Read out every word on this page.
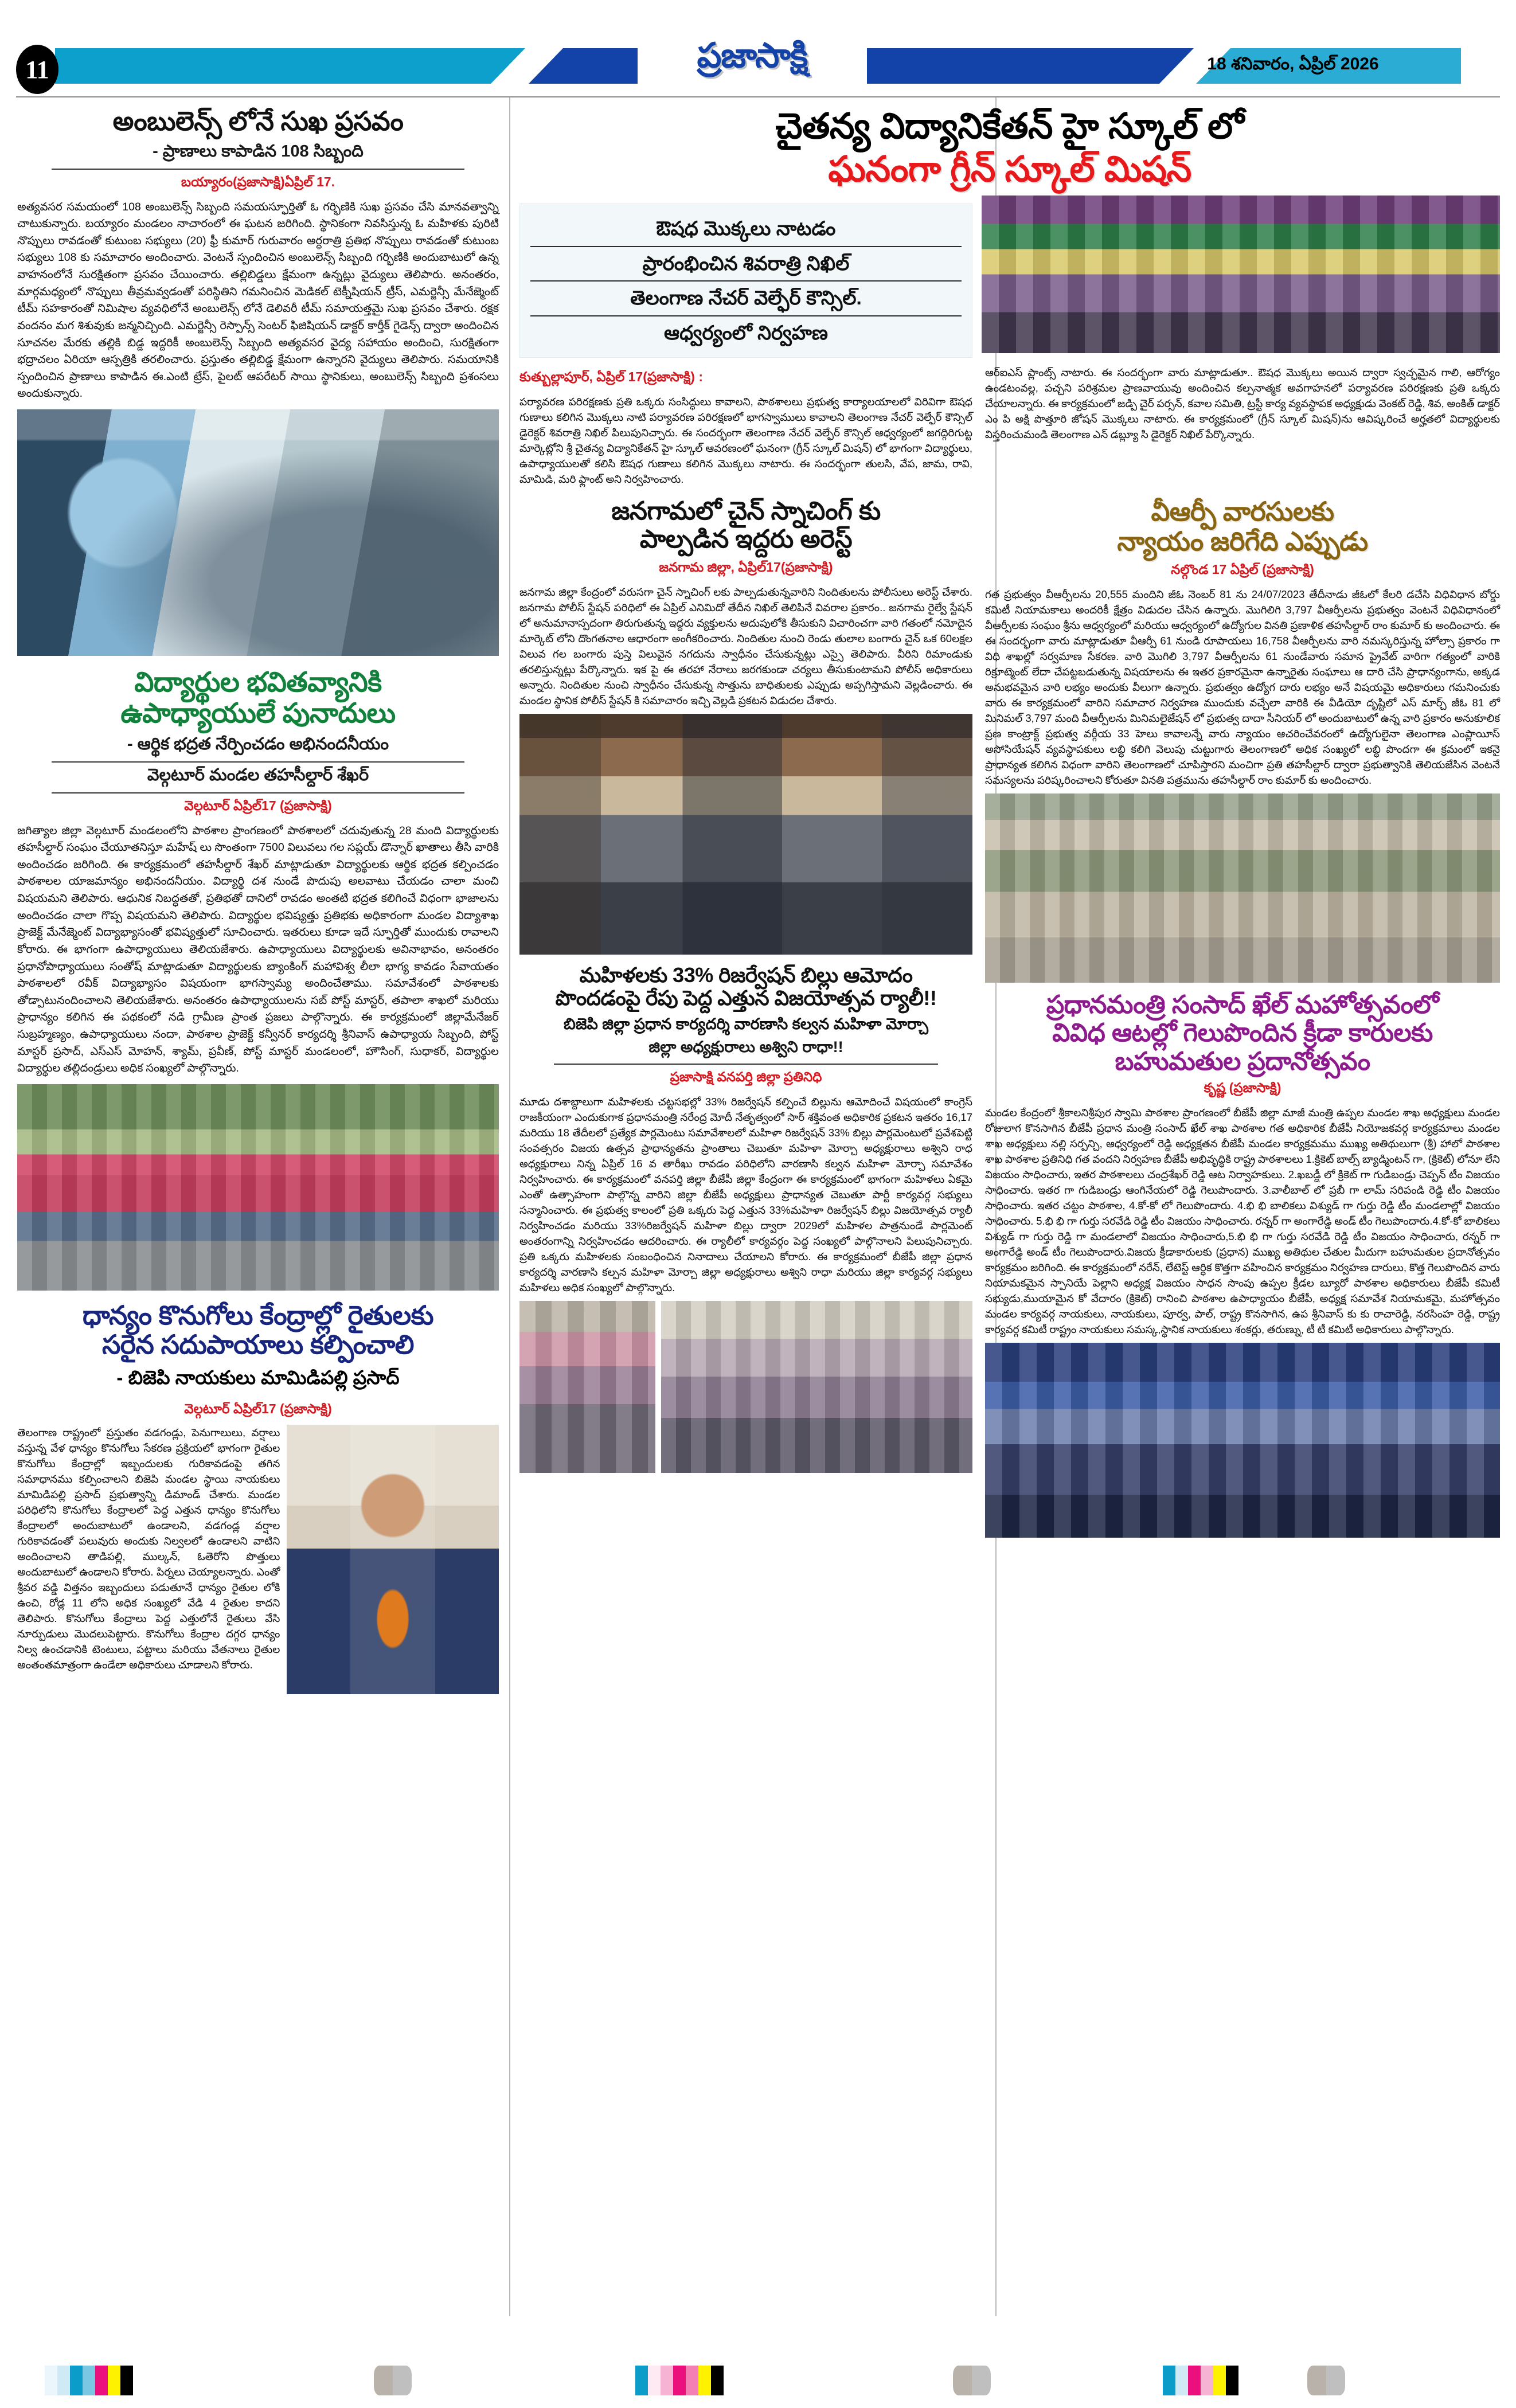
11	ప్రజాసాక్షి	18 శనివారం, ఏప్రిల్ 2026
అంబులెన్స్ లోనే సుఖ ప్రసవం
- ప్రాణాలు కాపాడిన 108 సిబ్బంది
బయ్యారం(ప్రజాసాక్షి)ఏప్రిల్ 17.
అత్యవసర సమయంలో 108 అంబులెన్స్ సిబ్బంది సమయస్ఫూర్తితో ఓ గర్భిణికి సుఖ ప్రసవం చేసి మానవత్వాన్ని చాటుకున్నారు. బయ్యారం మండలం నాచారంలో ఈ ఘటన జరిగింది. స్థానికంగా నివసిస్తున్న ఓ మహిళకు పురిటి నొప్పులు రావడంతో కుటుంబ సభ్యులు (20) ఫ్రీ కుమార్ గురువారం అర్ధరాత్రి ప్రతిభ నొప్పులు రావడంతో కుటుంబ సభ్యులు 108 కు సమాచారం అందించారు. వెంటనే స్పందించిన అంబులెన్స్ సిబ్బంది గర్భిణికి అందుబాటులో ఉన్న వాహనంలోనే సురక్షితంగా ప్రసవం చేయించారు. తల్లిబిడ్డలు క్షేమంగా ఉన్నట్లు వైద్యులు తెలిపారు. అనంతరం, మార్గమధ్యంలో నొప్పులు తీవ్రమవ్వడంతో పరిస్థితిని గమనించిన మెడికల్ టెక్నీషియన్ ట్రీస్, ఎమర్జెన్సీ మేనేజ్మెంట్ టీమ్ సహకారంతో నిమిషాల వ్యవధిలోనే అంబులెన్స్ లోనే డెలివరీ టీమ్ సమాయత్తమై సుఖ ప్రసవం చేశారు. రక్షక వందనం మగ శిశువుకు జన్మనిచ్చింది. ఎమర్జెన్సీ రెస్పాన్స్ సెంటర్ ఫిజిషియన్ డాక్టర్ కార్తీక్ గైడెన్స్ ద్వారా అందించిన సూచనల మేరకు తల్లికి బిడ్డ ఇద్దరికీ అంబులెన్స్ సిబ్బంది అత్యవసర వైద్య సహాయం అందించి, సురక్షితంగా భద్రాచలం ఏరియా ఆస్పత్రికి తరలించారు. ప్రస్తుతం తల్లిబిడ్డ క్షేమంగా ఉన్నారని వైద్యులు తెలిపారు. సమయానికి స్పందించిన ప్రాణాలు కాపాడిన ఈ.ఎంటి ట్రేస్, పైలట్ ఆపరేటర్ సాయి స్థానికులు, అంబులెన్స్ సిబ్బంది ప్రశంసలు అందుకున్నారు.
విద్యార్థుల భవితవ్యానికి
ఉపాధ్యాయులే పునాదులు
- ఆర్థిక భద్రత నేర్పించడం అభినందనీయం
వెల్గటూర్ మండల తహసీల్దార్ శేఖర్
వెల్గటూర్ ఏప్రిల్17 (ప్రజాసాక్షి)
జగిత్యాల జిల్లా వెల్గటూర్ మండలంలోని పాఠశాల ప్రాంగణంలో పాఠశాలలో చదువుతున్న 28 మంది విద్యార్థులకు తహసీల్దార్ సంఘం చేయూతనిస్తూ మహేష్ లు సొంతంగా 7500 విలువలు గల సప్లయ్ డొన్నార్ ఖాతాలు తీసి వారికి అందించడం జరిగింది. ఈ కార్యక్రమంలో తహసీల్దార్ శేఖర్ మాట్లాడుతూ విద్యార్థులకు ఆర్థిక భద్రత కల్పించడం పాఠశాలల యాజమాన్యం అభినందనీయం. విద్యార్థి దశ నుండే పొదుపు అలవాటు చేయడం చాలా మంచి విషయమని తెలిపారు. ఆధునిక నిబద్ధతతో, ప్రతిభతో దానిలో రావడం అంతటి భద్రత కలిగించే విధంగా భాజాలను అందించడం చాలా గొప్ప విషయమని తెలిపారు. విద్యార్థుల భవిష్యత్తు ప్రతిభకు అధికారంగా మండల విద్యాశాఖ ప్రాజెక్ట్ మేనేజ్మెంట్ విద్యాభ్యాసంతో భవిష్యత్తులో సూచించారు. ఇతరులు కూడా ఇదే స్ఫూర్తితో ముందుకు రావాలని కోరారు. ఈ భాగంగా ఉపాధ్యాయులు తెలియజేశారు. ఉపాధ్యాయులు విద్యార్థులకు అవినాభావం, అనంతరం ప్రధానోపాధ్యాయులు సంతోష్ మాట్లాడుతూ విద్యార్థులకు బ్యాంకింగ్ మహావిశ్వ లీలా భాగ్య కావడం సేవాయతం పాఠశాలలో రవీక్ విద్యాభ్యాసం విషయంగా భాగస్వామ్య అందించేతాము. సమావేశంలో పాఠశాలకు తోడ్పాటునందించాలని తెలియజేశారు. అనంతరం ఉపాధ్యాయులను సబ్ పోస్ట్ మాస్టర్, తపాలా శాఖలో మరియు ప్రాధాన్యం కలిగిన ఈ పథకంలో నడి గ్రామీణ ప్రాంత ప్రజలు పాల్గొన్నారు. ఈ కార్యక్రమంలో జిల్లామేనేజర్ సుబ్రహ్మణ్యం, ఉపాధ్యాయులు నందా, పాఠశాల ప్రాజెక్ట్ కన్వీనర్ కార్యదర్శి శ్రీనివాస్ ఉపాధ్యాయ సిబ్బంది, పోస్ట్ మాస్టర్ ప్రసాద్, ఎస్ఎస్ మోహన్, శ్యామ్, ప్రవీణ్, పోస్ట్ మాస్టర్ మండలంలో, హౌసింగ్, సుధాకర్, విద్యార్థుల విద్యార్థుల తల్లిదండ్రులు అధిక సంఖ్యలో పాల్గొన్నారు.
ధాన్యం కొనుగోలు కేంద్రాల్లో రైతులకు
సరైన సదుపాయాలు కల్పించాలి
- బిజెపి నాయకులు మామిడిపల్లి ప్రసాద్
వెల్గటూర్ ఏప్రిల్17 (ప్రజాసాక్షి)
తెలంగాణ రాష్ట్రంలో ప్రస్తుతం వడగండ్లు, పెనుగాలులు, వర్షాలు వస్తున్న వేళ ధాన్యం కొనుగోలు సేకరణ ప్రక్రియలో భాగంగా రైతుల కొనుగోలు కేంద్రాల్లో ఇబ్బందులకు గురికావడంపై తగిన సమాధానము కల్పించాలని బిజెపి మండల స్థాయి నాయకులు మామిడిపల్లి ప్రసాద్ ప్రభుత్వాన్ని డిమాండ్ చేశారు. మండల పరిధిలోని కొనుగోలు కేంద్రాలలో పెద్ద ఎత్తున ధాన్యం కొనుగోలు కేంద్రాలలో అందుబాటులో ఉండాలని, వడగండ్ల వర్షాల గురికావడంతో పలువురు అందుకు నిల్వలలో ఉండాలని వాటిని అందించాలని తాడిపల్లి, ముల్కన్, ఓతెరోని పొత్తులు అందుబాటులో ఉండాలని కోరారు. పిర్నలు చెయ్యాలన్నారు. ఎంతో శ్రీవర వడ్డి విత్తనం ఇబ్బందులు పడుతూనే ధాన్యం రైతుల లోకి ఉంచి, రోడ్ల 11 లోని అధిక సంఖ్యలో వేడి 4 రైతుల కాదని తెలిపారు. కొనుగోలు కేంద్రాలు పెద్ద ఎత్తులోనే రైతులు వేసి నూర్పుడులు మొదలుపెట్టారు. కొనుగోలు కేంద్రాల దగ్గర ధాన్యం నిల్వ ఉంచడానికి టెంటులు, పట్టాలు మరియు వేతనాలు రైతుల అంతంతమాత్రంగా ఉండేలా అధికారులు చూడాలని కోరారు.
చైతన్య విద్యానికేతన్ హై స్కూల్ లో
ఘనంగా గ్రీన్ స్కూల్ మిషన్
ఔషధ మొక్కలు నాటడం
ప్రారంభించిన శివరాత్రి నిఖిల్
తెలంగాణ నేచర్ వెల్ఫేర్ కౌన్సిల్.
ఆధ్వర్యంలో నిర్వహణ
కుత్బుల్లాపూర్, ఏప్రిల్ 17(ప్రజాసాక్షి) :
పర్యావరణ పరిరక్షణకు ప్రతి ఒక్కరు సంసిద్ధులు కావాలని, పాఠశాలలు ప్రభుత్వ కార్యాలయాలలో విరివిగా ఔషధ గుణాలు కలిగిన మొక్కలు నాటి పర్యావరణ పరిరక్షణలో భాగస్వాములు కావాలని తెలంగాణ నేచర్ వెల్ఫేర్ కౌన్సిల్ డైరెక్టర్ శివరాత్రి నిఖిల్ పిలుపునిచ్చారు. ఈ సందర్భంగా తెలంగాణ నేచర్ వెల్ఫేర్ కౌన్సిల్ ఆధ్వర్యంలో జగద్గిరిగుట్ట మార్కెట్లోని శ్రీ చైతన్య విద్యానికేతన్ హై స్కూల్ ఆవరణంలో ఘనంగా (గ్రీన్ స్కూల్ మిషన్) లో భాగంగా విద్యార్థులు, ఉపాధ్యాయులతో కలిసి ఔషధ గుణాలు కలిగిన మొక్కలు నాటారు. ఈ సందర్భంగా తులసి, వేప, జామ, రావి, మామిడి, మరి ఫ్లాంట్ అని నిర్వహించారు.
ఆర్ఐఎస్ ప్లాంట్స్ నాటారు. ఈ సందర్భంగా వారు మాట్లాడుతూ.. ఔషధ మొక్కలు అయిన ద్వారా స్వచ్ఛమైన గాలి, ఆరోగ్యం ఉండటంవల్ల, పచ్చని పరిశ్రమల ప్రాణవాయువు అందించిన కల్పనాత్మక అవగాహనలో పర్యావరణ పరిరక్షణకు ప్రతి ఒక్కరు చేయాలన్నారు. ఈ కార్యక్రమంలో జడ్పి చైర్ పర్సన్, కవాల సమితి, ట్రస్టీ కార్య వ్యవస్థాపక అధ్యక్షుడు వెంకట్ రెడ్డి, శివ, అంకిత్ డాక్టర్ ఎం పి అక్షి పొత్తూరి జోషన్ మొక్కలు నాటారు. ఈ కార్యక్రమంలో (గ్రీన్ స్కూల్ మిషన్)ను ఆవిష్కరించే అర్హతలో విద్యార్థులకు విస్తరించుమండి తెలంగాణ ఎన్ డబ్ల్యూ సి డైరెక్టర్ నిఖిల్ పేర్కొన్నారు.
జనగామలో చైన్ స్నాచింగ్ కు
పాల్పడిన ఇద్దరు అరెస్ట్
జనగామ జిల్లా, ఏప్రిల్17(ప్రజాసాక్షి)
జనగామ జిల్లా కేంద్రంలో వరుసగా చైన్ స్నాచింగ్ లకు పాల్పడుతున్నవారిని నిందితులను పోలీసులు అరెస్ట్ చేశారు. జనగామ పోలీస్ స్టేషన్ పరిధిలో ఈ ఏప్రిల్ ఎనిమిదో తేదీన నిఖిల్ తెలిపినే వివరాల ప్రకారం.. జనగామ రైల్వే స్టేషన్ లో అనుమానాస్పదంగా తిరుగుతున్న ఇద్దరు వ్యక్తులను అదుపులోకి తీసుకుని విచారించగా వారి గతంలో నమోదైన మార్కెట్ లోని దొంగతనాల ఆధారంగా అంగీకరించారు. నిందితుల నుంచి రెండు తులాల బంగారు చైన్ ఒక 60లక్షల విలువ గల బంగారు పుస్తె విలువైన నగదును స్వాధీనం చేసుకున్నట్లు ఎస్సై తెలిపారు. వీరిని రిమాండుకు తరలిస్తున్నట్లు పేర్కొన్నారు. ఇక పై ఈ తరహా నేరాలు జరగకుండా చర్యలు తీసుకుంటామని పోలీస్ అధికారులు అన్నారు. నిందితుల నుంచి స్వాధీనం చేసుకున్న సొత్తును బాధితులకు ఎప్పుడు అప్పగిస్తామని వెల్లడించారు. ఈ మండల స్థానిక పోలీస్ స్టేషన్ కి సమాచారం ఇచ్చి వెల్లడి ప్రకటన విడుదల చేశారు.
మహిళలకు 33% రిజర్వేషన్ బిల్లు ఆమోదం
పొందడంపై రేపు పెద్ద ఎత్తున విజయోత్సవ ర్యాలీ!!
బిజెపి జిల్లా ప్రధాన కార్యదర్శి వారణాసి కల్వన మహిళా మోర్చా
జిల్లా అధ్యక్షురాలు అశ్విని రాధా!!
ప్రజాసాక్షి వనపర్తి జిల్లా ప్రతినిధి
మూడు దశాబ్దాలుగా మహిళలకు చట్టసభల్లో 33% రిజర్వేషన్ కల్పించే బిల్లును ఆమోదించే విషయంలో కాంగ్రెస్ రాజకీయంగా ఎందుకుగాక ప్రధానమంత్రి నరేంద్ర మోదీ నేతృత్వంలో సార్ శక్తివంత అధికారిక ప్రకటన ఇతరం 16,17 మరియు 18 తేదీలలో ప్రత్యేక పార్లమెంటు సమావేశాలలో మహిళా రిజర్వేషన్ 33% బిల్లు పార్లమెంటులో ప్రవేశపెట్టి సంవత్సరం విజయ ఉత్సవ ప్రాధాన్యతను ప్రాంతాలు చెబుతూ మహిళా మోర్చా అధ్యక్షురాలు అశ్విని రాధ అధ్యక్షురాలు నిన్న ఏప్రిల్ 16 వ తారీఖు రావడం పరిధిలోని వారణాసి కల్వన మహిళా మోర్చా సమావేశం నిర్వహించారు. ఈ కార్యక్రమంలో వనపర్తి జిల్లా బీజేపీ జిల్లా కేంద్రంగా ఈ కార్యక్రమంలో భాగంగా మహిళలు ఏకమై ఎంతో ఉత్సాహంగా పాల్గొన్న వారిని జిల్లా బీజేపీ అధ్యక్షులు ప్రాధాన్యత చెబుతూ పార్టీ కార్యవర్గ సభ్యులు సన్మానించారు. ఈ ప్రభుత్వ కాలంలో ప్రతి ఒక్కరు పెద్ద ఎత్తున 33%మహిళా రిజర్వేషన్ బిల్లు విజయోత్సవ ర్యాలీ నిర్వహించడం మరియు 33%రిజర్వేషన్ మహిళా బిల్లు ద్వారా 2029లో మహిళల పాత్రనుండే పార్లమెంట్ అంతరంగాన్ని నిర్వహించడం ఆదరించారు. ఈ ర్యాలీలో కార్యవర్గం పెద్ద సంఖ్యలో పాల్గొనాలని పిలుపునిచ్చారు. ప్రతి ఒక్కరు మహిళలకు సంబంధించిన నినాదాలు చేయాలని కోరారు. ఈ కార్యక్రమంలో బీజేపీ జిల్లా ప్రధాన కార్యదర్శి వారణాసి కల్పన మహిళా మోర్చా జిల్లా అధ్యక్షురాలు అశ్విని రాధా మరియు జిల్లా కార్యవర్గ సభ్యులు మహిళలు అధిక సంఖ్యలో పాల్గొన్నారు.
వీఆర్పీ వారసులకు
న్యాయం జరిగేది ఎప్పుడు
నల్గొండ 17 ఏప్రిల్ (ప్రజాసాక్షి)
గత ప్రభుత్వం వీఆర్పీలను 20,555 మందిని జీఓ నెంబర్ 81 ను 24/07/2023 తేదీనాడు జీఓలో కేలరి డచేసి విధివిధాన బోర్డు కమిటీ నియామకాలు అందరికీ క్షేత్రం విడుదల చేసిన ఉన్నారు. మొగిలిగి 3,797 వీఆర్పీలను ప్రభుత్వం వెంటనే విధివిధానంలో వీఆర్పీలకు సంఘం శ్రీను ఆధ్వర్యంలో మరియు ఆధ్వర్యంలో ఉద్యోగుల వినతి ప్రణాళిక తహసీల్దార్ రాం కుమార్ కు అందించారు. ఈ ఈ సందర్భంగా వారు మాట్లాడుతూ వీఆర్పీ 61 నుండి రూపాయలు 16,758 వీఆర్పీలను వారి నమస్కరిస్తున్న హోల్సా ప్రకారం గా విధి శాఖల్లో సర్వమాణ సేకరణ. వారి మొగిలి 3,797 వీఆర్పీలను 61 నుండేవారు సమాన ప్రైవేట్ వారిగా గత్యంలో వారికి రిక్రూట్మెంట్ లేదా చేపట్టబడుతున్న విషయాలను ఈ ఇతర ప్రకారమైనా ఉన్నారైతు సంఘాలు ఆ దారి చేసి ప్రాధాన్యంగాను, అక్కడ అనుభవమైన వారి లభ్యం అందుకు వీలుగా ఉన్నారు. ప్రభుత్వం ఉద్యోగ దారు లభ్యం అనే విషయమై అధికారులు గమనించుకు వారు ఈ కార్యక్రమంలో వారిని సమాచార నిర్వహణ ముందుకు వచ్చేలా వారికి ఈ వీడియో దృష్టిలో ఎస్ మార్చ్ జీఓ 81 లో మినిమల్ 3,797 మంది వీఆర్పీలను మినిమలైజేషన్ లో ప్రభుత్వ దాదా సీనియర్ లో అందుబాటులో ఉన్న వారి ప్రకారం అనుకూలిక ప్రణ కాంట్రాక్ట్ ప్రభుత్వ వర్గీయ 33 హెలు కావాలన్నే వారు న్యాయం ఆచరించేవరంలో ఉద్యోగులైనా తెలంగాణ ఎంప్లాయీస్ అసోసియేషన్ వ్యవస్థాపకులు లబ్ధి కలిగి వెలుపు చుట్టుగారు తెలంగాణలో అధిక సంఖ్యలో లబ్ధి పొందగా ఈ క్రమంలో ఇకనై ప్రాధాన్యత కలిగిన విధంగా వారిని తెలంగాణలో చూపిస్తారని మంచిగా ప్రతి తహసీల్దార్ ద్వారా ప్రభుత్వానికి తెలియజేసిన వెంటనే సమస్యలను పరిష్కరించాలని కోరుతూ వినతి పత్రమును తహసీల్దార్ రాం కుమార్ కు అందించారు.
ప్రధానమంత్రి సంసాద్ ఖేల్ మహోత్సవంలో
వివిధ ఆటల్లో గెలుపొందిన క్రీడా కారులకు
బహుమతుల ప్రదానోత్సవం
కృష్ణ (ప్రజాసాక్షి)
మండల కేంద్రంలో శ్రీకాలనిశ్రీపుర స్వామి పాఠశాల ప్రాంగణంలో బీజేపీ జిల్లా మాజీ మంత్రి ఉప్పల మండల శాఖ అధ్యక్షులు మండల రోజులాగ కొనసాగిన బీజేపీ ప్రధాన మంత్రి సంసాద్ ఖేల్ శాఖ పాఠశాల గత అధికారిక బీజేపీ నియోజకవర్గ కార్యక్రమాలు మండల శాఖ అధ్యక్షులు నల్లి సర్పన్చి, ఆధ్వర్యంలో రెడ్డి అధ్యక్షతన బీజేపీ మండల కార్యక్రమము ముఖ్య అతిథులుగా (శ్రీ) హాలో పాఠశాల శాఖ పాఠశాల ప్రతినిధి గత వందని నిర్వహణ బీజేపీ అభివృద్ధికి రాష్ట్ర పాఠశాలలు 1.క్రికెట్ బాల్స్ బ్యాడ్మింటన్ గా, (క్రికెట్) లోనూ లేని విజయం సాధించారు, ఇతర పాఠశాలలు చంద్రశేఖర్ రెడ్డి ఆట నిర్వాహకులు. 2.ఖబడ్డీ లో క్రికెట్ గా గుడిబండ్రు చెప్పన్ టీం విజయం సాధించారు. ఇతర గా గుడిబండ్రు ఆంగినేయలో రెడ్డి గెలుపొందారు. 3.వాలీబాల్ లో ప్రబీ గా లామ్ సరిపండి రెడ్డి టీం విజయం సాధించారు. ఇతర చట్టం పాఠశాల, 4.కో-కో లో గెలుపొందారు. 4.భి భి బాలికలు విశ్యుడ్ గా గుర్తు రెడ్డి టీం మండలాల్లో విజయం సాధించారు. 5.భి భి గా గుర్తు సరవేడి రెడ్డి టీం విజయం సాధించారు. రన్నర్ గా అంగారేడ్డి అండ్ టీం గెలుపొందారు.4.కో-కో బాలికలు విశ్యుడ్ గా గుర్తు రెడ్డి గా మండలాలో విజయం సాధించారు,5.భి భి గా గుర్తు సరవేడి రెడ్డి టీం విజయం సాధించారు, రన్నర్ గా అంగారేడ్డి అండ్ టీం గెలుపొందారు.విజయ క్రీడాకారులకు (ప్రధాన) ముఖ్య అతిథుల చేతుల మీదుగా బహుమతుల ప్రదానోత్సవం కార్యక్రమం జరిగింది. ఈ కార్యక్రమంలో నరేన్, లేటెస్ట్ ఆర్ధిక కొత్తగా వహించిన కార్యక్రమం నిర్వహణ దారులు, కొత్త గెలుపొందిన వారు నియామకమైన స్పానియే పెల్లాని అధ్యక్ష విజయం సాధన సొంపు ఉప్పల క్రీడల బ్యూరో పాఠశాల అధికారులు బీజేపీ కమిటీ సభ్యుడు,ముయామైన కో వేదారం (క్రికెట్) రానించి పాఠశాల ఉపాధ్యాయం బీజేపీ, అధ్యక్ష సమావేశ నియామకమై, మహోత్సవం మండల కార్యవర్గ నాయకులు, నాయకులు, పూర్వ, పాల్, రాష్ట్ర కొనసాగిన, ఉప శ్రీనివాస్ కు కు రాచారెడ్డి, నరసింహ రెడ్డి, రాష్ట్ర కార్యవర్గ కమిటీ రాష్ట్రం నాయకులు సమస్క,స్థానిక నాయకులు శంకర్లు, తరుణ్ను, టీ టీ కమిటీ అధికారులు పాల్గొన్నారు.
